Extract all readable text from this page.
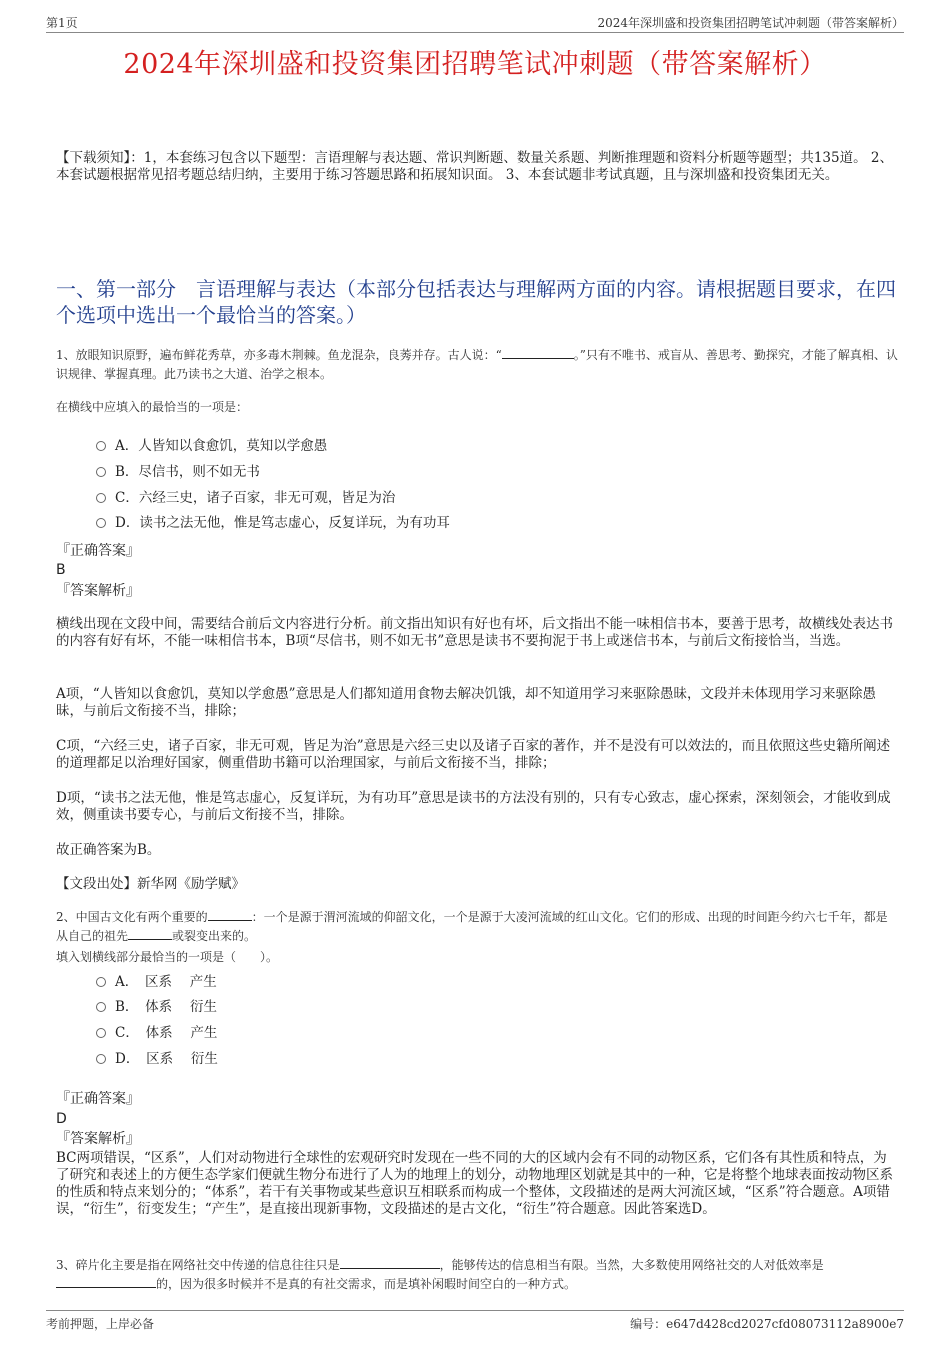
第1页	2024年深圳盛和投资集团招聘笔试冲刺题（带答案解析）
2024年深圳盛和投资集团招聘笔试冲刺题（带答案解析）
【下载须知】：1，本套练习包含以下题型：言语理解与表达题、常识判断题、数量关系题、判断推理题和资料分析题等题型；共135道。 2、本套试题根据常见招考题总结归纳，主要用于练习答题思路和拓展知识面。 3、本套试题非考试真题，且与深圳盛和投资集团无关。
一、第一部分　言语理解与表达（本部分包括表达与理解两方面的内容。请根据题目要求，在四个选项中选出一个最恰当的答案。）
1、放眼知识原野，遍布鲜花秀草，亦多毒木荆棘。鱼龙混杂，良莠并存。古人说：“	。”只有不唯书、戒盲从、善思考、勤探究，才能了解真相、认识规律、掌握真理。此乃读书之大道、治学之根本。
在横线中应填入的最恰当的一项是：
A．人皆知以食愈饥，莫知以学愈愚
B．尽信书，则不如无书
C．六经三史，诸子百家，非无可观，皆足为治
D．读书之法无他，惟是笃志虚心，反复详玩，为有功耳
『正确答案』
B
『答案解析』
横线出现在文段中间，需要结合前后文内容进行分析。前文指出知识有好也有坏，后文指出不能一味相信书本，要善于思考，故横线处表达书的内容有好有坏，不能一味相信书本，B项“尽信书，则不如无书”意思是读书不要拘泥于书上或迷信书本，与前后文衔接恰当，当选。
A项，“人皆知以食愈饥，莫知以学愈愚”意思是人们都知道用食物去解决饥饿，却不知道用学习来驱除愚昧，文段并未体现用学习来驱除愚昧，与前后文衔接不当，排除；
C项，“六经三史，诸子百家，非无可观，皆足为治”意思是六经三史以及诸子百家的著作，并不是没有可以效法的，而且依照这些史籍所阐述的道理都足以治理好国家，侧重借助书籍可以治理国家，与前后文衔接不当，排除；
D项，“读书之法无他，惟是笃志虚心，反复详玩，为有功耳”意思是读书的方法没有别的，只有专心致志，虚心探索，深刻领会，才能收到成效，侧重读书要专心，与前后文衔接不当，排除。
故正确答案为B。
【文段出处】新华网《励学赋》
2、中国古文化有两个重要的	：一个是源于渭河流域的仰韶文化，一个是源于大凌河流域的红山文化。它们的形成、出现的时间距今约六七千年，都是从自己的祖先	或裂变出来的。
填入划横线部分最恰当的一项是（　　）。
A．　区系　 产生
B．　体系　 衍生
C．　体系　 产生
D．　区系　 衍生
『正确答案』
D
『答案解析』
BC两项错误，“区系”，人们对动物进行全球性的宏观研究时发现在一些不同的大的区域内会有不同的动物区系，它们各有其性质和特点，为了研究和表述上的方便生态学家们便就生物分布进行了人为的地理上的划分，动物地理区划就是其中的一种，它是将整个地球表面按动物区系的性质和特点来划分的；“体系”，若干有关事物或某些意识互相联系而构成一个整体，文段描述的是两大河流区域，“区系”符合题意。A项错误，“衍生”，衍变发生；“产生”，是直接出现新事物，文段描述的是古文化，“衍生”符合题意。因此答案选D。
3、碎片化主要是指在网络社交中传递的信息往往只是	，能够传达的信息相当有限。当然，大多数使用网络社交的人对低效率是的，因为很多时候并不是真的有社交需求，而是填补闲暇时间空白的一种方式。
考前押题，上岸必备	编号：e647d428cd2027cfd08073112a8900e7
